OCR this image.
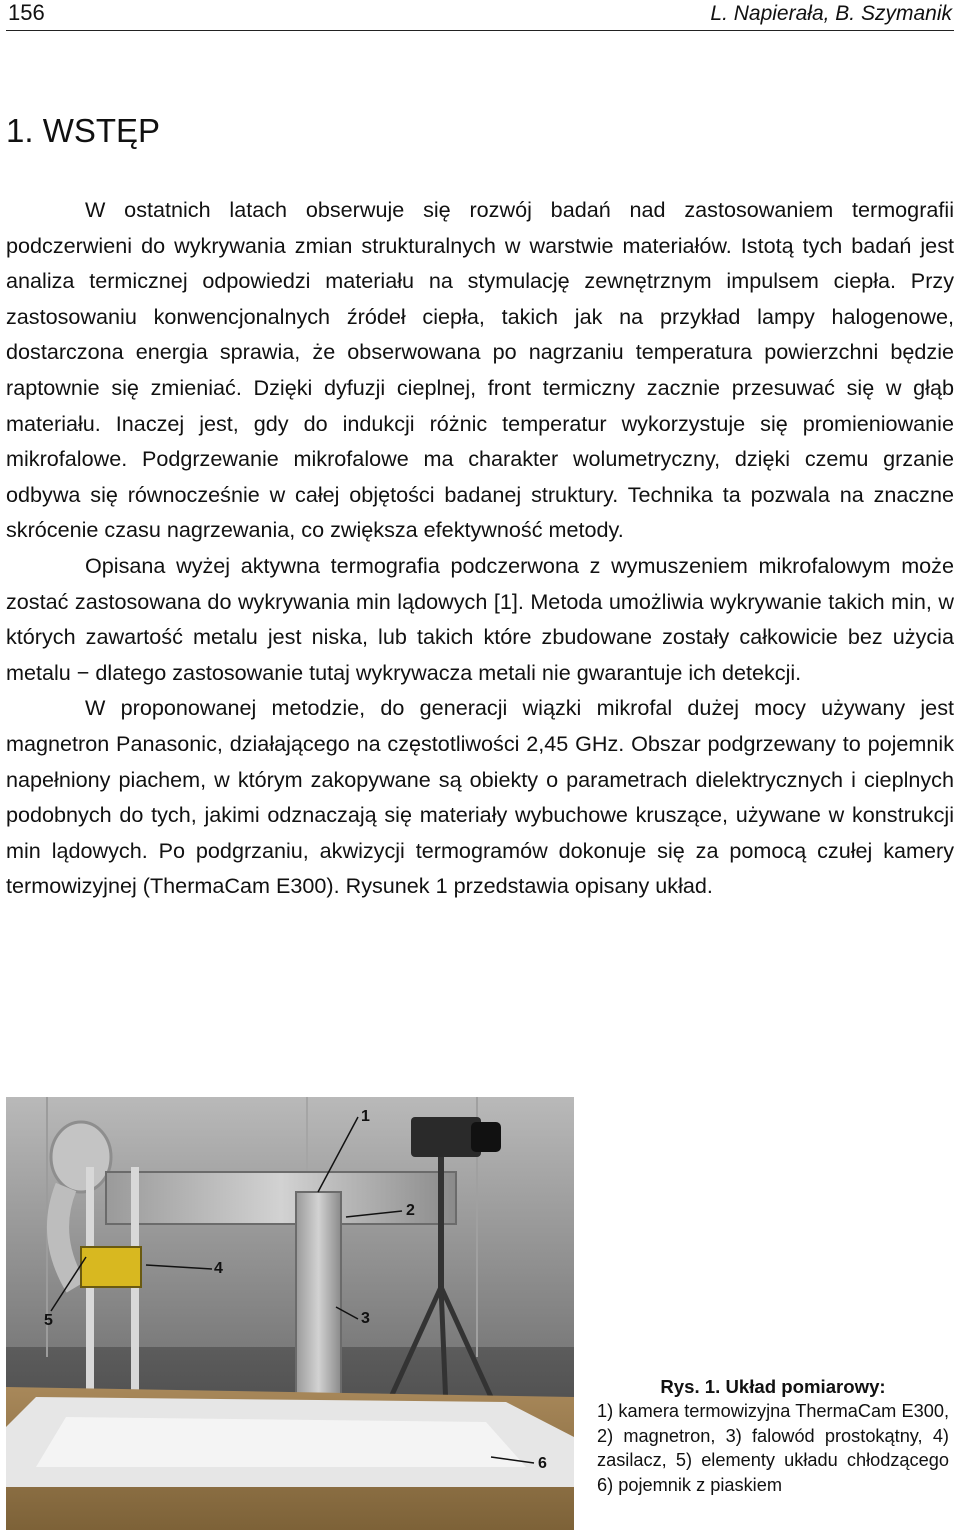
156	L. Napierała, B. Szymanik
1. WSTĘP

W ostatnich latach obserwuje się rozwój badań nad zastosowaniem termografii podczerwieni do wykrywania zmian strukturalnych w warstwie materiałów. Istotą tych badań jest analiza termicznej odpowiedzi materiału na stymulację zewnętrznym impulsem ciepła. Przy zastosowaniu konwencjonalnych źródeł ciepła, takich jak na przykład lampy halogenowe, dostarczona energia sprawia, że obserwowana po nagrzaniu temperatura powierzchni będzie raptownie się zmieniać. Dzięki dyfuzji cieplnej, front termiczny zacznie przesuwać się w głąb materiału. Inaczej jest, gdy do indukcji różnic temperatur wykorzystuje się promieniowanie mikrofalowe. Podgrzewanie mikrofalowe ma charakter wolumetryczny, dzięki czemu grzanie odbywa się równocześnie w całej objętości badanej struktury. Technika ta pozwala na znaczne skrócenie czasu nagrzewania, co zwiększa efektywność metody.

Opisana wyżej aktywna termografia podczerwona z wymuszeniem mikrofalowym może zostać zastosowana do wykrywania min lądowych [1]. Metoda umożliwia wykrywanie takich min, w których zawartość metalu jest niska, lub takich które zbudowane zostały całkowicie bez użycia metalu − dlatego zastosowanie tutaj wykrywacza metali nie gwarantuje ich detekcji.

W proponowanej metodzie, do generacji wiązki mikrofal dużej mocy używany jest magnetron Panasonic, działającego na częstotliwości 2,45 GHz. Obszar podgrzewany to pojemnik napełniony piachem, w którym zakopywane są obiekty o parametrach dielektrycznych i cieplnych podobnych do tych, jakimi odznaczają się materiały wybuchowe kruszące, używane w konstrukcji min lądowych. Po podgrzaniu, akwizycji termogramów dokonuje się za pomocą czułej kamery termowizyjnej (ThermaCam E300). Rysunek 1 przedstawia opisany układ.

1
2
3
4
5
6
Rys. 1. Układ pomiarowy:
1) kamera termowizyjna ThermaCam E300, 2) magnetron, 3) falowód prostokątny, 4) zasilacz, 5) elementy układu chłodzącego 6) pojemnik z piaskiem
